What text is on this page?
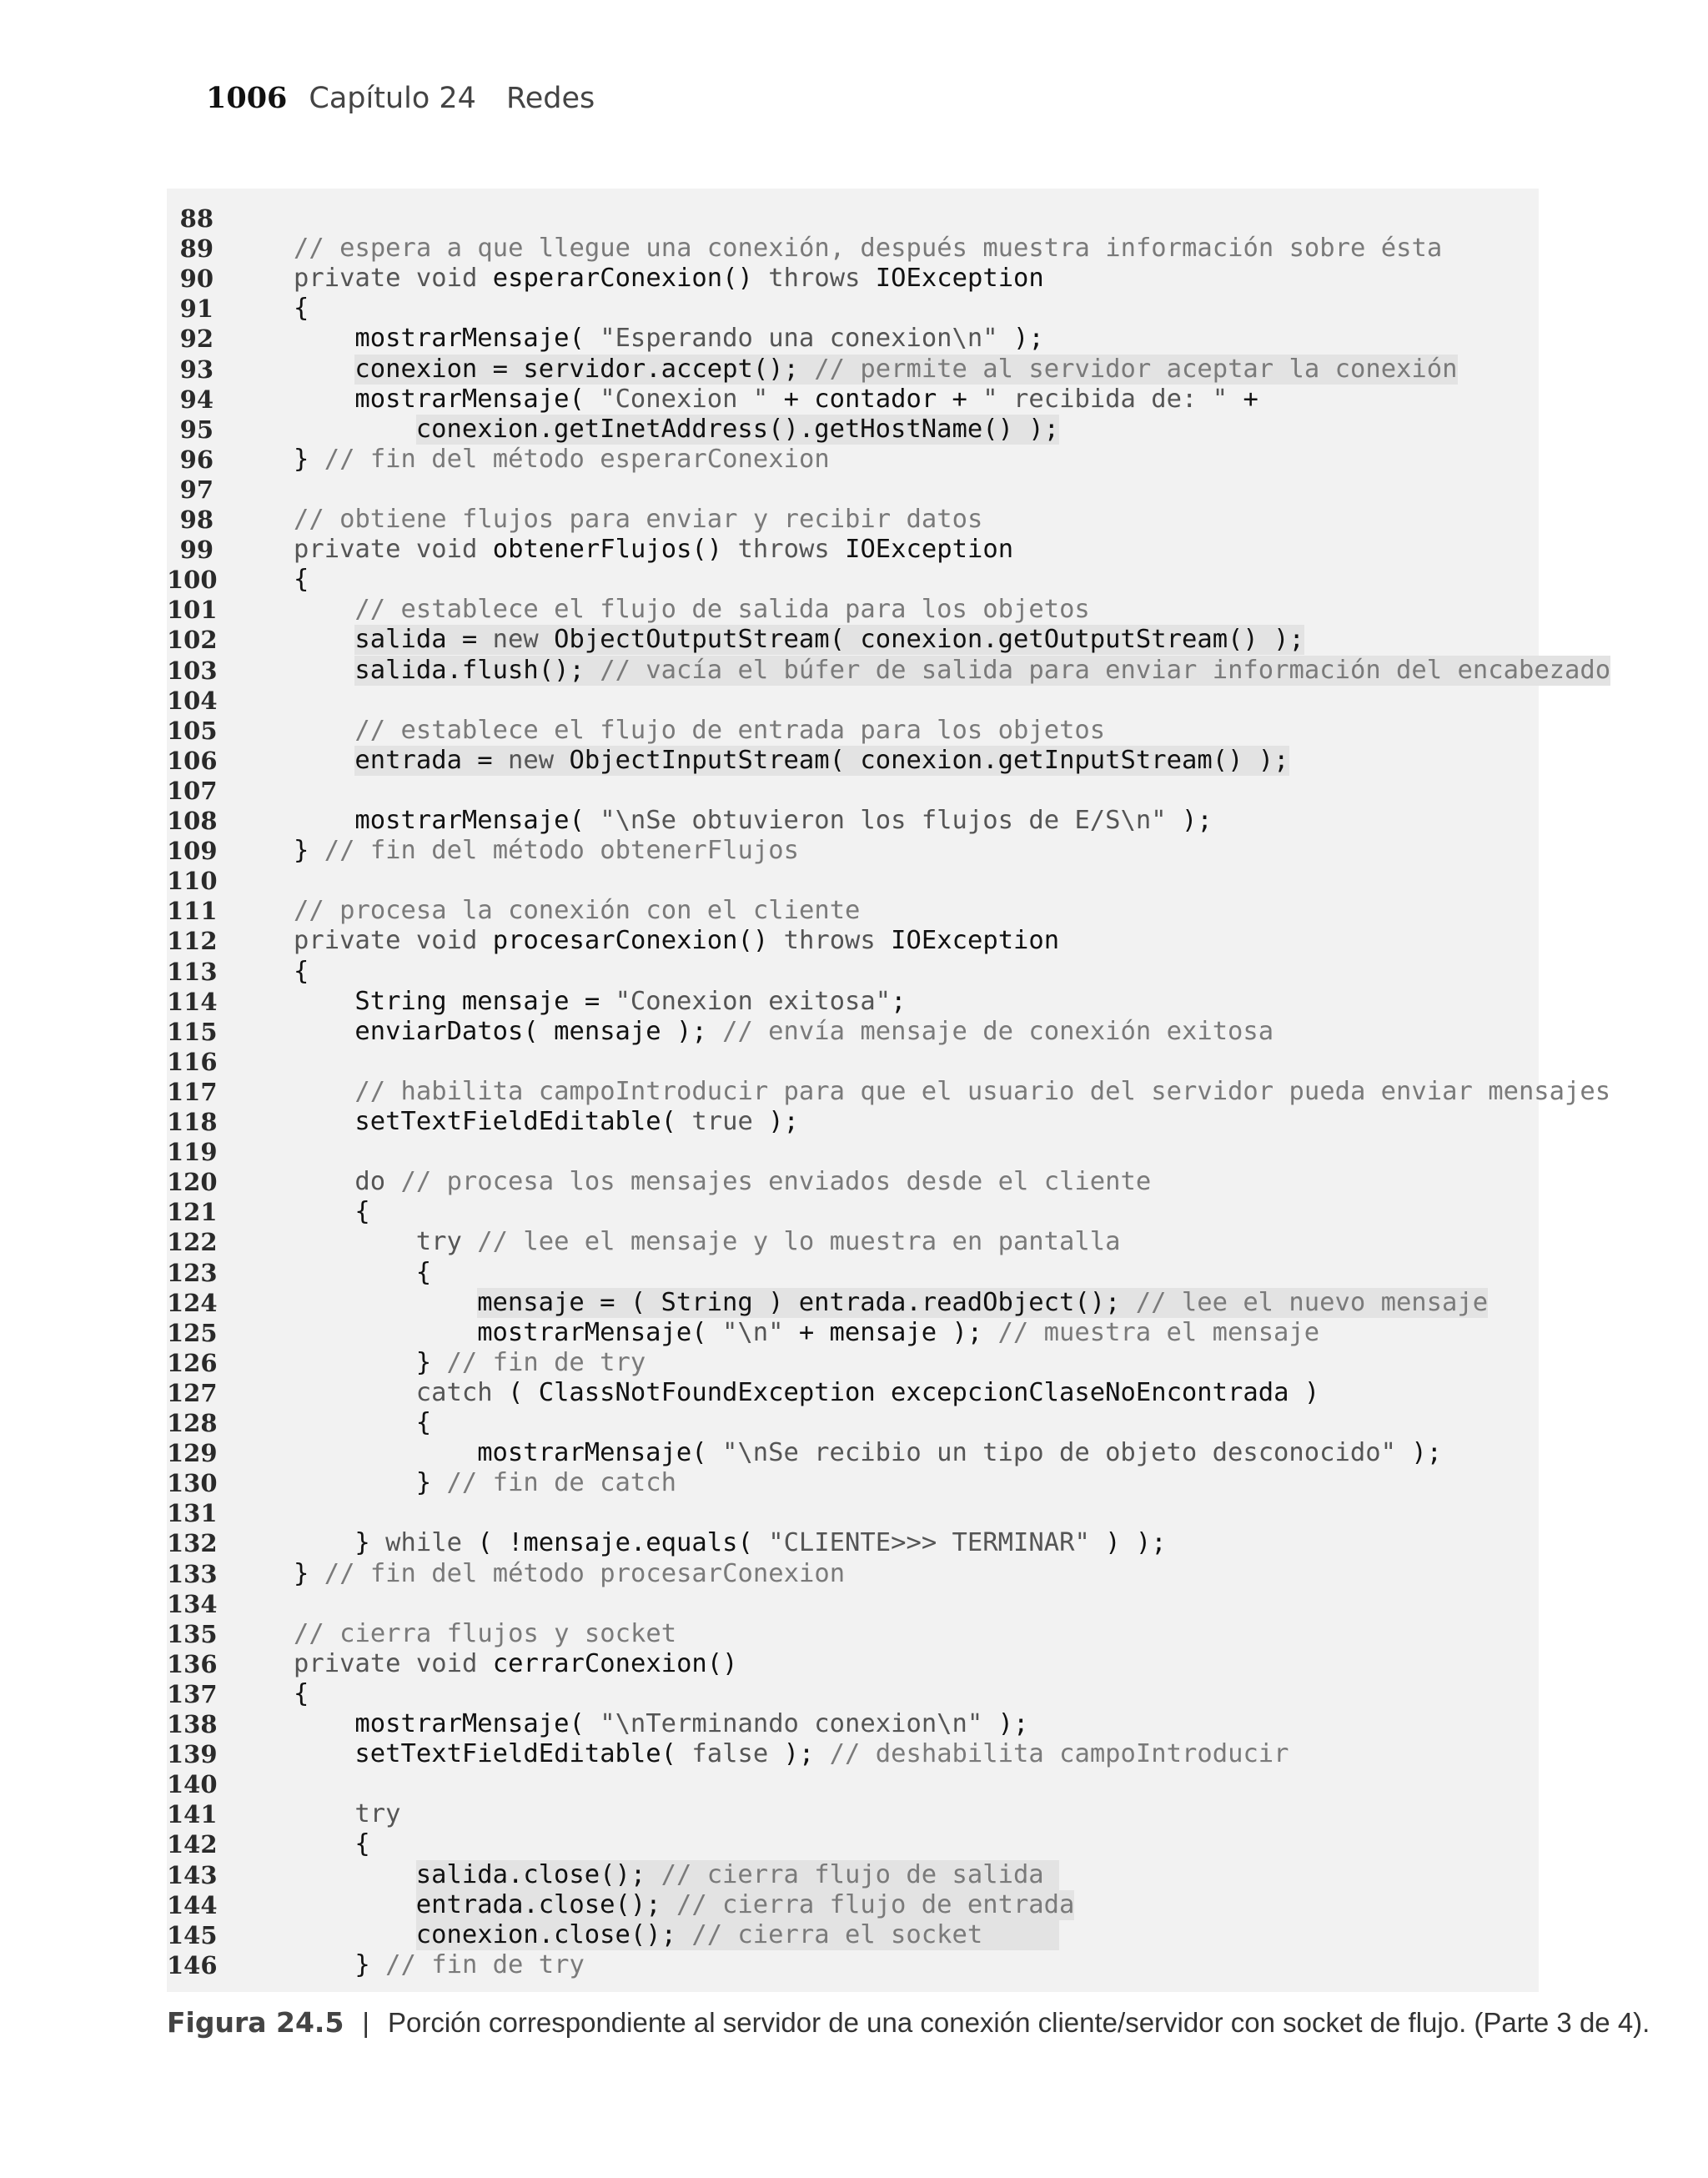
1006 Capítulo 24 Redes
88
89	// espera a que llegue una conexión, después muestra información sobre ésta
90	private void esperarConexion() throws IOException
91	{
92	mostrarMensaje( "Esperando una conexion\n" );
93	conexion = servidor.accept(); // permite al servidor aceptar la conexión
94	mostrarMensaje( "Conexion " + contador + " recibida de: " +
95	conexion.getInetAddress().getHostName() );
96	} // fin del método esperarConexion
97
98	// obtiene flujos para enviar y recibir datos
99	private void obtenerFlujos() throws IOException
100	{
101	// establece el flujo de salida para los objetos
102	salida = new ObjectOutputStream( conexion.getOutputStream() );
103	salida.flush(); // vacía el búfer de salida para enviar información del encabezado
104
105	// establece el flujo de entrada para los objetos
106	entrada = new ObjectInputStream( conexion.getInputStream() );
107
108	mostrarMensaje( "\nSe obtuvieron los flujos de E/S\n" );
109	} // fin del método obtenerFlujos
110
111	// procesa la conexión con el cliente
112	private void procesarConexion() throws IOException
113	{
114	String mensaje = "Conexion exitosa";
115	enviarDatos( mensaje ); // envía mensaje de conexión exitosa
116
117	// habilita campoIntroducir para que el usuario del servidor pueda enviar mensajes
118	setTextFieldEditable( true );
119
120	do // procesa los mensajes enviados desde el cliente
121	{
122	try // lee el mensaje y lo muestra en pantalla
123	{
124	mensaje = ( String ) entrada.readObject(); // lee el nuevo mensaje
125	mostrarMensaje( "\n" + mensaje ); // muestra el mensaje
126	} // fin de try
127	catch ( ClassNotFoundException excepcionClaseNoEncontrada )
128	{
129	mostrarMensaje( "\nSe recibio un tipo de objeto desconocido" );
130	} // fin de catch
131
132	} while ( !mensaje.equals( "CLIENTE>>> TERMINAR" ) );
133	} // fin del método procesarConexion
134
135	// cierra flujos y socket
136	private void cerrarConexion()
137	{
138	mostrarMensaje( "\nTerminando conexion\n" );
139	setTextFieldEditable( false ); // deshabilita campoIntroducir
140
141	try
142	{
143	salida.close(); // cierra flujo de salida
144	entrada.close(); // cierra flujo de entrada
145	conexion.close(); // cierra el socket
146	} // fin de try
Figura 24.5 | Porción correspondiente al servidor de una conexión cliente/servidor con socket de flujo. (Parte 3 de 4).
